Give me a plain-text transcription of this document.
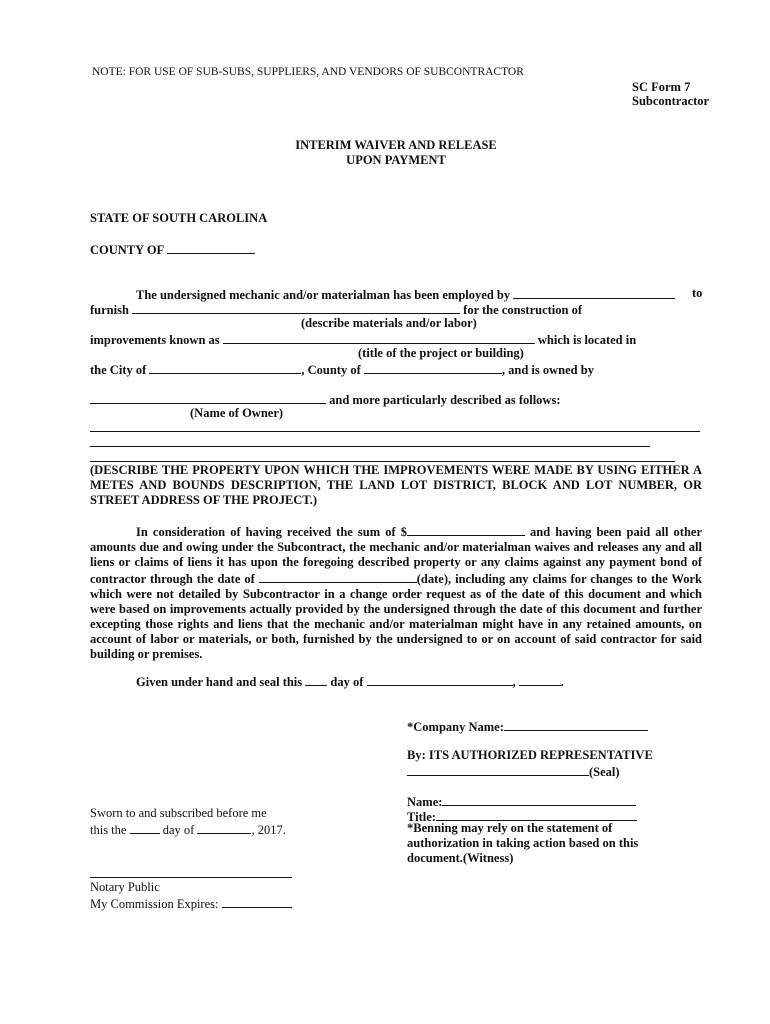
NOTE: FOR USE OF SUB-SUBS, SUPPLIERS, AND VENDORS OF SUBCONTRACTOR
SC Form 7
Subcontractor
INTERIM WAIVER AND RELEASE
UPON PAYMENT
STATE OF SOUTH CAROLINA
COUNTY OF
The undersigned mechanic and/or materialman has been employed by	to
furnish	for the construction of
(describe materials and/or labor)
improvements known as	which is located in
(title of the project or building)
the City of	, County of	, and is owned by
and more particularly described as follows:
(Name of Owner)
(DESCRIBE THE PROPERTY UPON WHICH THE IMPROVEMENTS WERE MADE BY USING EITHER A METES AND BOUNDS DESCRIPTION, THE LAND LOT DISTRICT, BLOCK AND LOT NUMBER, OR STREET ADDRESS OF THE PROJECT.)
In consideration of having received the sum of $	and having been paid all other amounts due and owing under the Subcontract, the mechanic and/or materialman waives and releases any and all liens or claims of liens it has upon the foregoing described property or any claims against any payment bond of contractor through the date of	(date), including any claims for changes to the Work which were not detailed by Subcontractor in a change order request as of the date of this document and which were based on improvements actually provided by the undersigned through the date of this document and further excepting those rights and liens that the mechanic and/or materialman might have in any retained amounts, on account of labor or materials, or both, furnished by the undersigned to or on account of said contractor for said building or premises.
Given under hand and seal this day of	,	.
*Company Name:
By: ITS AUTHORIZED REPRESENTATIVE
(Seal)
Name:
Title:
*Benning may rely on the statement of authorization in taking action based on this document.(Witness)
Sworn to and subscribed before me
this the	day of	, 2017.
Notary Public
My Commission Expires:
